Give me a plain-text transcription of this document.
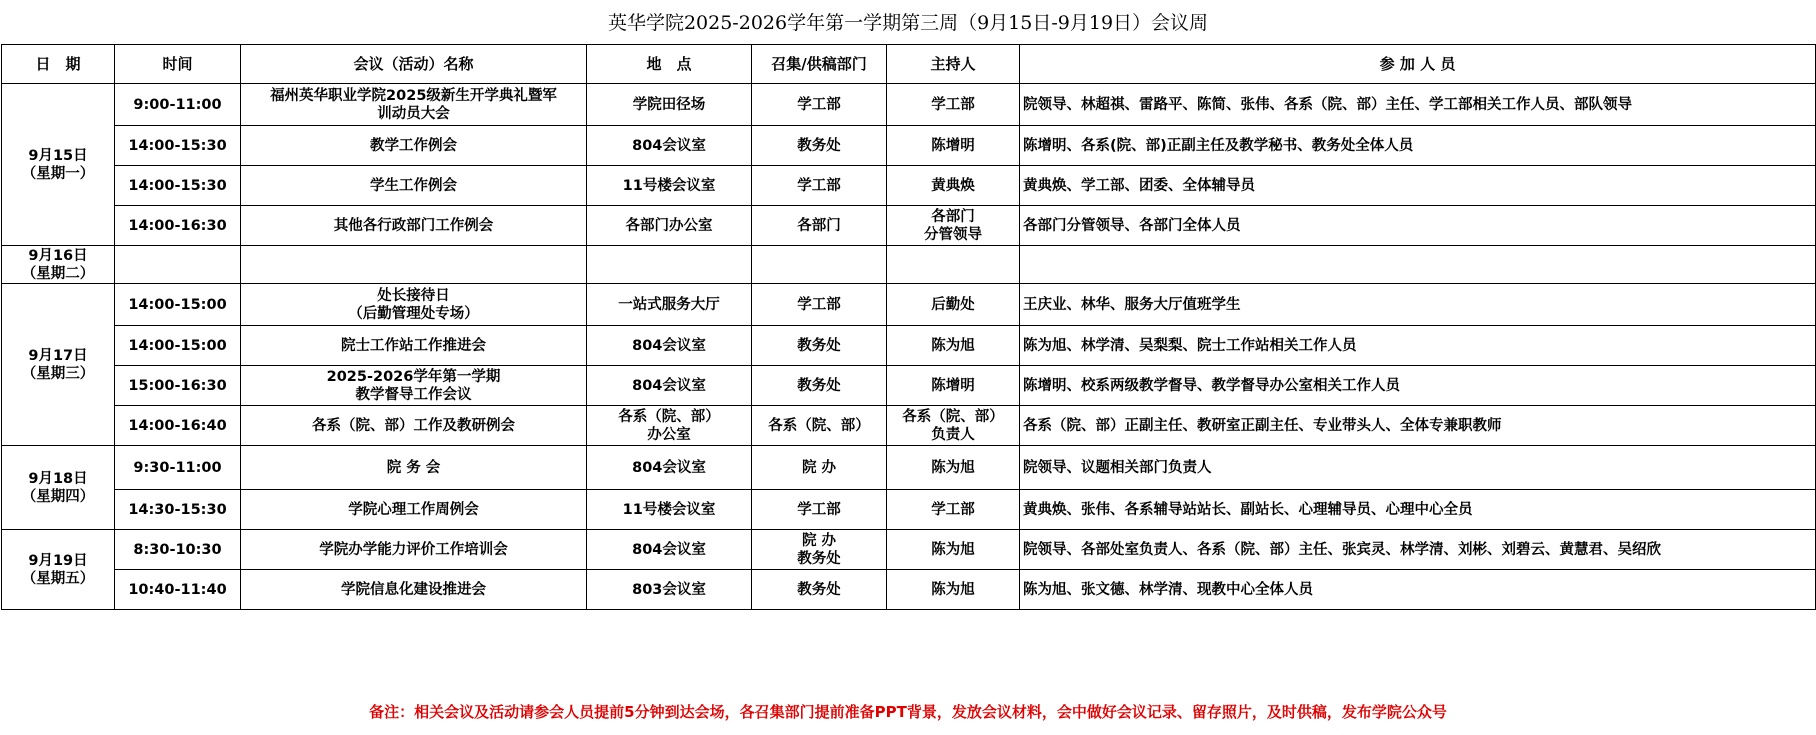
英华学院2025-2026学年第一学期第三周（9月15日-9月19日）会议周
日　期	时间	会议（活动）名称	地　点	召集/供稿部门	主持人	参 加 人 员

9月15日
（星期一）	9:00-11:00	福州英华职业学院2025级新生开学典礼暨军
训动员大会	学院田径场	学工部	学工部	院领导、林超祺、雷路平、陈简、张伟、各系（院、部）主任、学工部相关工作人员、部队领导
	14:00-15:30	教学工作例会	804会议室	教务处	陈增明	陈增明、各系(院、部)正副主任及教学秘书、教务处全体人员
	14:00-15:30	学生工作例会	11号楼会议室	学工部	黄典焕	黄典焕、学工部、团委、全体辅导员
	14:00-16:30	其他各行政部门工作例会	各部门办公室	各部门	各部门
分管领导	各部门分管领导、各部门全体人员

9月16日
（星期二）						

9月17日
（星期三）	14:00-15:00	处长接待日
（后勤管理处专场）	一站式服务大厅	学工部	后勤处	王庆业、林华、服务大厅值班学生
	14:00-15:00	院士工作站工作推进会	804会议室	教务处	陈为旭	陈为旭、林学清、吴梨梨、院士工作站相关工作人员
	15:00-16:30	2025-2026学年第一学期
教学督导工作会议	804会议室	教务处	陈增明	陈增明、校系两级教学督导、教学督导办公室相关工作人员
	14:00-16:40	各系（院、部）工作及教研例会	各系（院、部）
办公室	各系（院、部）	各系（院、部）
负责人	各系（院、部）正副主任、教研室正副主任、专业带头人、全体专兼职教师

9月18日
（星期四）	9:30-11:00	院 务 会	804会议室	院 办	陈为旭	院领导、议题相关部门负责人
	14:30-15:30	学院心理工作周例会	11号楼会议室	学工部	学工部	黄典焕、张伟、各系辅导站站长、副站长、心理辅导员、心理中心全员

9月19日
（星期五）	8:30-10:30	学院办学能力评价工作培训会	804会议室	院 办
教务处	陈为旭	院领导、各部处室负责人、各系（院、部）主任、张宾灵、林学清、刘彬、刘碧云、黄慧君、吴绍欣
	10:40-11:40	学院信息化建设推进会	803会议室	教务处	陈为旭	陈为旭、张文德、林学清、现教中心全体人员
备注：相关会议及活动请参会人员提前5分钟到达会场，各召集部门提前准备PPT背景，发放会议材料，会中做好会议记录、留存照片，及时供稿，发布学院公众号
